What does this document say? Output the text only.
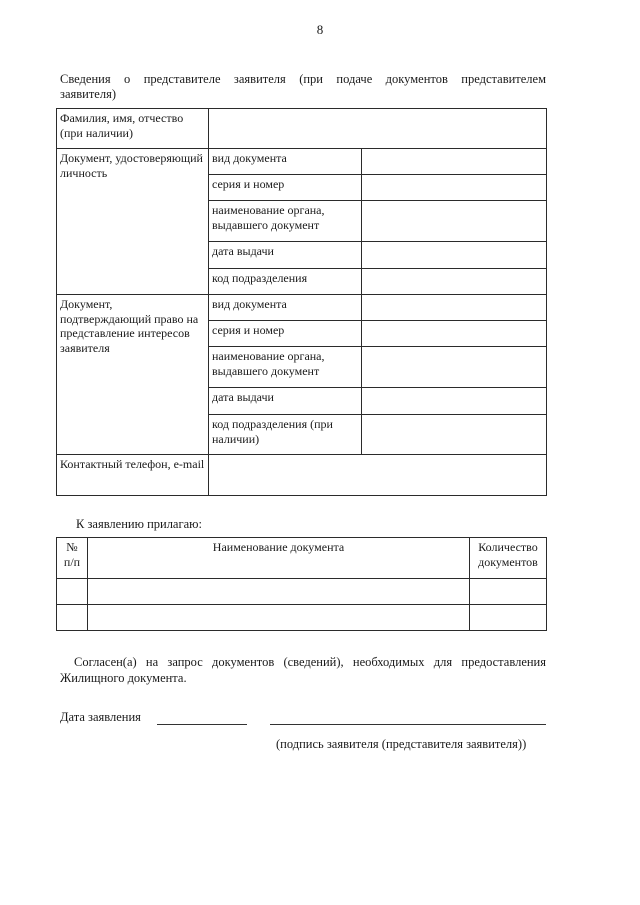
8
Сведения о представителе заявителя (при подаче документов представителем
заявителя)
Фамилия, имя, отчество (при наличии)		
Документ, удостоверяющий личность	вид документа	
	серия и номер	
	наименование органа, выдавшего документ	
	дата выдачи	
	код подразделения	
Документ, подтверждающий право на представление интересов заявителя	вид документа	
	серия и номер	
	наименование органа, выдавшего документ	
	дата выдачи	
	код подразделения (при наличии)	
Контактный телефон, e-mail		
К заявлению прилагаю:
№ п/п	Наименование документа	Количество документов

Согласен(а) на запрос документов (сведений), необходимых для предоставления Жилищного документа.
Дата заявления
(подпись заявителя (представителя заявителя))
